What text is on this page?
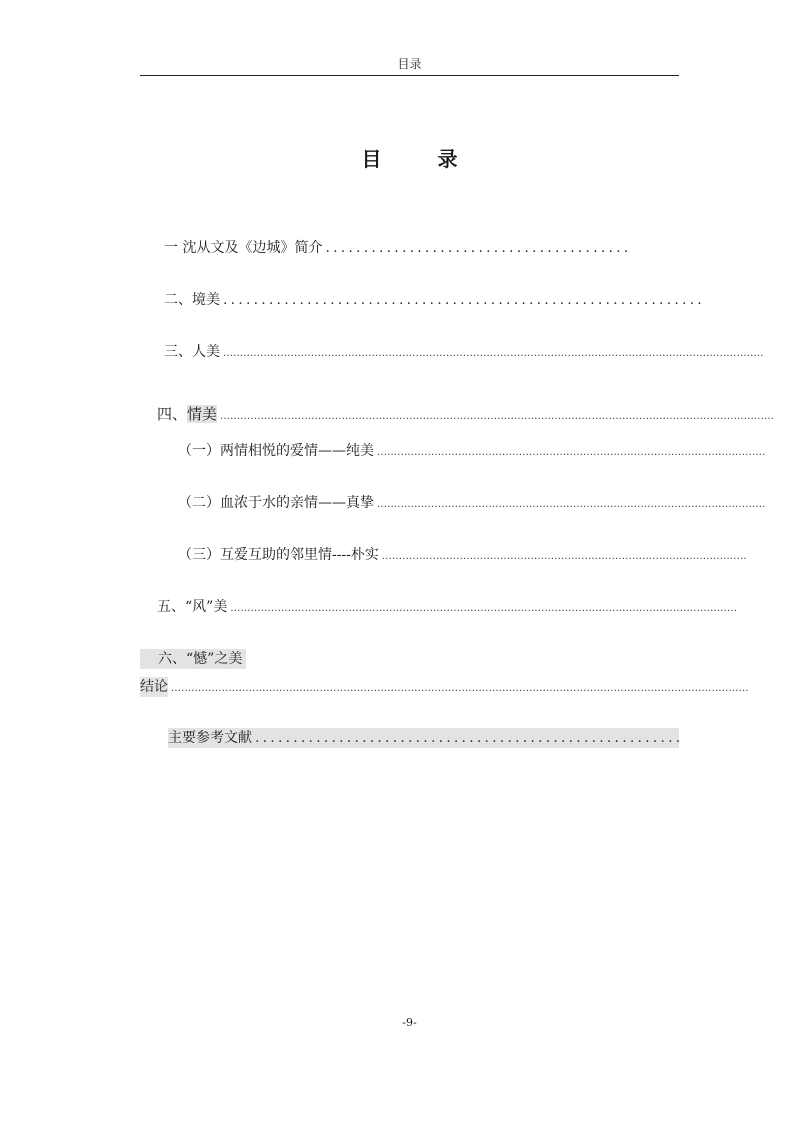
目录
目	录
一 沈从文及《边城》简介 ........................................
二、境美 ...............................................................
三、人美 ................................................................................................................................................................
四、情美 ....................................................................................................................................................................
（一）两情相悦的爱情——纯美 ...................................................................................................................
（二）血浓于水的亲情——真挚 ...................................................................................................................
（三）互爱互助的邻里情----朴实 ............................................................................................................
五、“风”美 ......................................................................................................................................................
六、“憾”之美
结论 ...........................................................................................................................................................................
主要参考文献 ........................................................
-9-
